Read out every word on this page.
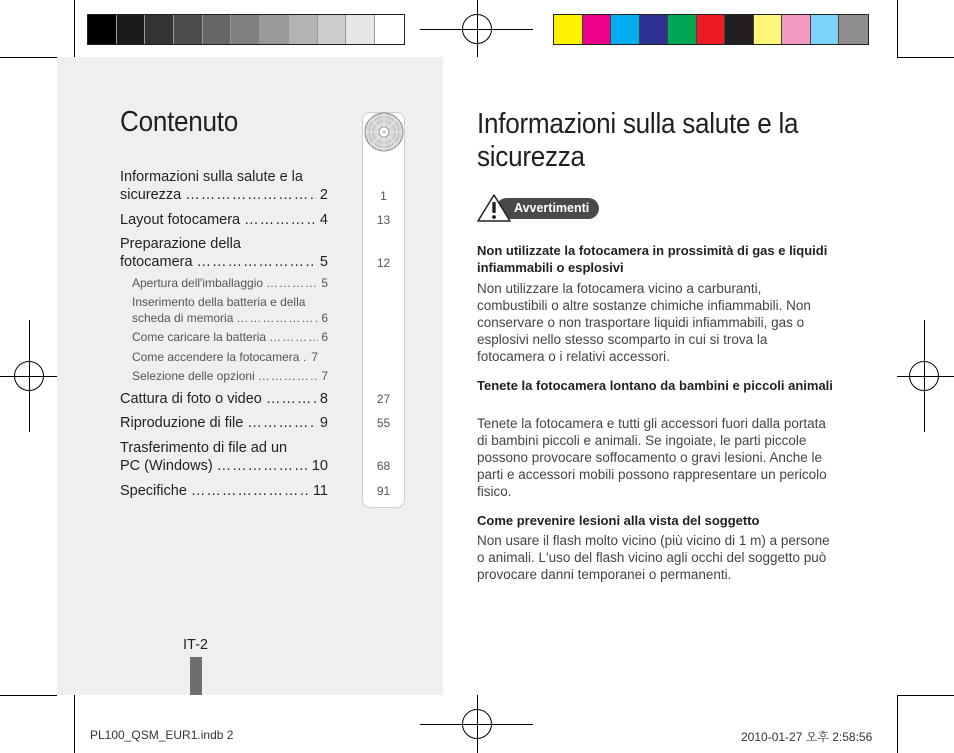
Contenuto
Informazioni sulla salute e la
sicurezza ………………………………………………………………	2
Layout fotocamera ………………………………………………………………	4
Preparazione della
fotocamera ………………………………………………………………	5
Apertura dell'imballaggio ………………………………………………………………	5
Inserimento della batteria e della
scheda di memoria ………………………………………………………………	6
Come caricare la batteria ………………………………………………………………	6
Come accendere la fotocamera ……………………………………………………………… 7
Selezione delle opzioni ………………………………………………………………	7
Cattura di foto o video ………………………………………………………………	8
Riproduzione di file ………………………………………………………………	9
Trasferimento di file ad un
PC (Windows) ………………………………………………………………	10
Specifiche ………………………………………………………………	11
1
13
12
27
55
68
91
IT-2
Informazioni sulla salute e la
sicurezza
Avvertimenti
Non utilizzate la fotocamera in prossimità di gas e liquidi infiammabili o esplosivi
Non utilizzare la fotocamera vicino a carburanti, combustibili o altre sostanze chimiche infiammabili. Non conservare o non trasportare liquidi infiammabili, gas o esplosivi nello stesso scomparto in cui si trova la fotocamera o i relativi accessori.
Tenete la fotocamera lontano da bambini e piccoli animali
Tenete la fotocamera e tutti gli accessori fuori dalla portata di bambini piccoli e animali. Se ingoiate, le parti piccole possono provocare soffocamento o gravi lesioni. Anche le parti e accessori mobili possono rappresentare un pericolo fisico.
Come prevenire lesioni alla vista del soggetto
Non usare il flash molto vicino (più vicino di 1 m) a persone o animali. L'uso del flash vicino agli occhi del soggetto può provocare danni temporanei o permanenti.
PL100_QSM_EUR1.indb 2	2010-01-27 오후 2:58:56
